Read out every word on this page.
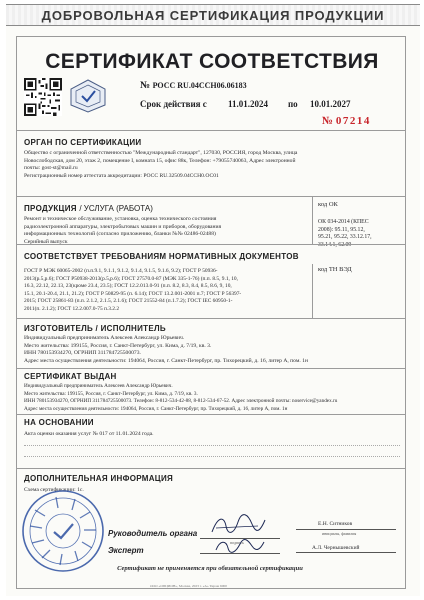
ДОБРОВОЛЬНАЯ СЕРТИФИКАЦИЯ ПРОДУКЦИИ
СЕРТИФИКАТ СООТВЕТСТВИЯ
№ РОСС RU.04ССН06.06183
Срок действия с 11.01.2024 по 10.01.2027
№ 07214
ОРГАН ПО СЕРТИФИКАЦИИ
Общество с ограниченной ответственностью "Международный стандарт", 127030, РОССИЯ, город Москва, улица
Новослободская, дом 20, этаж 2, помещение I, комната 15, офис 88к, Телефон: +79055740063, Адрес электронной
почты: gost-st@mail.ru
Регистрационный номер аттестата аккредитации: РОСС RU.32509.04ССН0.ОС01
ПРОДУКЦИЯ / УСЛУГА (РАБОТА)
Ремонт и техническое обслуживание, установка, оценка технического состояния
радиоэлектронной аппаратуры, электробытовых машин и приборов, оборудования
информационных технологий (согласно приложению, бланки №№ 02486-02488)
Серийный выпуск
код ОК
ОК 034-2014 (КПЕС
2008): 95.11, 95.12,
95.21, 95.22, 33.12.17,
33.14.1, 62.09
СООТВЕТСТВУЕТ ТРЕБОВАНИЯМ НОРМАТИВНЫХ ДОКУМЕНТОВ
код ТН ВЭД
ГОСТ Р МЭК 60065-2002 (п.п.9.1, 9.1.1, 9.1.2, 9.1.4, 9.1.5, 9.1.6, 9.2); ГОСТ Р 50936-
2013(р.5,р.6); ГОСТ Р50938-2013(р.5,р.6); ГОСТ 27570.0-87 (МЭК 335-1-76) (п.п. 8.5, 9.1, 10,
16.3, 22.12, 22.13, 23(кроме 23.4, 23.5); ГОСТ 12.2.013.0-91 (п.п. 8.2, 8.3, 8.4, 8.5, 8.6, 9, 10,
15.1, 20.1-20.4, 21.1, 21.2); ГОСТ Р 50829-95 (п. 6.14); ГОСТ 13.2.001-2001 п.7; ГОСТ Р 56397-
2015; ГОСТ 25861-83 (п.п. 2.1.2, 2.1.5, 2.1.6); ГОСТ 21552-84 (п.1.7.2); ГОСТ IEC 60950-1-
2011(п. 2.1.2); ГОСТ 12.2.007.0-75 п.3.2.2
ИЗГОТОВИТЕЛЬ / ИСПОЛНИТЕЛЬ
Индивидуальный предприниматель Алексеев Александр Юрьевич.
Место жительства: 199155, Россия, г. Санкт-Петербург, ул. Кима, д. 7/19, кв. 3.
ИНН 780153934270, ОГРНИП 311784725500073.
Адрес места осуществления деятельности: 194064, Россия, г. Санкт-Петербург, пр. Тихорецкий, д. 16, литер А, пом. 1н
СЕРТИФИКАТ ВЫДАН
Индивидуальный предприниматель Алексеев Александр Юрьевич.
Место жительства: 199155, Россия, г. Санкт-Петербург, ул. Кима, д. 7/19, кв. 3.
ИНН 780153934270, ОГРНИП 311784725500073. Телефон: 8-812-534-42-88, 8-812-534-67-52. Адрес электронной почты: noservice@yandex.ru
Адрес места осуществления деятельности: 194064, Россия, г. Санкт-Петербург, пр. Тихорецкий, д. 16, литер А, пом. 1н
НА ОСНОВАНИИ
Акта оценки оказания услуг № 017 от 11.01.2024 года.
ДОПОЛНИТЕЛЬНАЯ ИНФОРМАЦИЯ
Схема сертификации: 1с.
Руководитель органа
подпись
Е.Н. Ситников
инициалы, фамилия
Эксперт	А.Л. Чернышевский
Сертификат не применяется при обязательной сертификации
ООО «ОПЦИОН», Москва, 2023 г. «А» Тираж 6000
